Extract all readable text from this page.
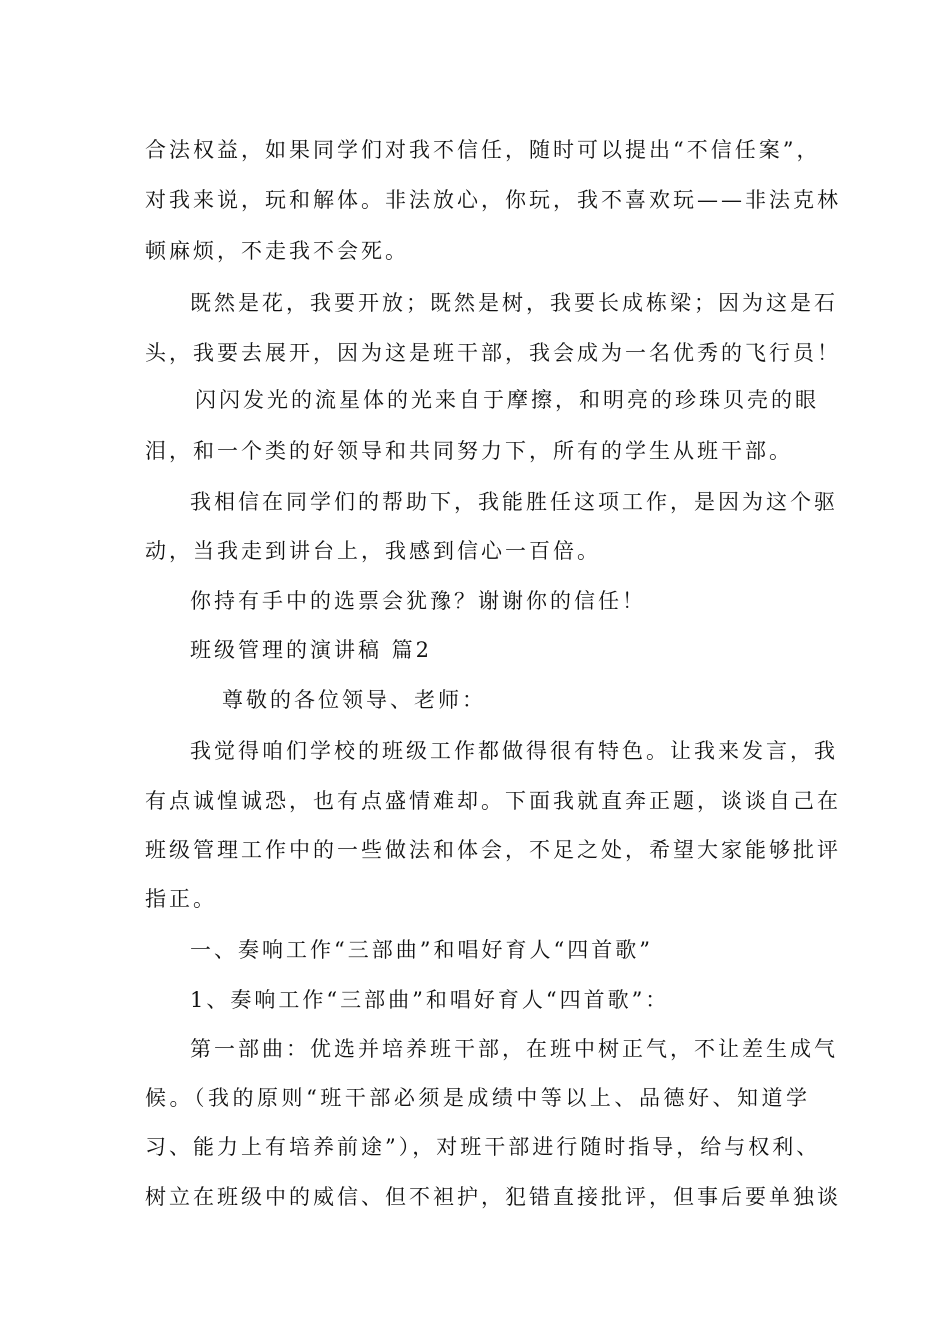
合法权益，如果同学们对我不信任，随时可以提出“不信任案”，
对我来说，玩和解体。非法放心，你玩，我不喜欢玩——非法克林
顿麻烦，不走我不会死。
既然是花，我要开放；既然是树，我要长成栋梁；因为这是石
头，我要去展开，因为这是班干部，我会成为一名优秀的飞行员！
闪闪发光的流星体的光来自于摩擦，和明亮的珍珠贝壳的眼
泪，和一个类的好领导和共同努力下，所有的学生从班干部。
我相信在同学们的帮助下，我能胜任这项工作，是因为这个驱
动，当我走到讲台上，我感到信心一百倍。
你持有手中的选票会犹豫？谢谢你的信任！
班级管理的演讲稿 篇2
尊敬的各位领导、老师：
我觉得咱们学校的班级工作都做得很有特色。让我来发言，我
有点诚惶诚恐，也有点盛情难却。下面我就直奔正题，谈谈自己在
班级管理工作中的一些做法和体会，不足之处，希望大家能够批评
指正。
一、奏响工作“三部曲”和唱好育人“四首歌”
1、奏响工作“三部曲”和唱好育人“四首歌”：
第一部曲：优选并培养班干部，在班中树正气，不让差生成气
候。（我的原则“班干部必须是成绩中等以上、品德好、知道学
习、能力上有培养前途”），对班干部进行随时指导，给与权利、
树立在班级中的威信、但不袒护，犯错直接批评，但事后要单独谈
